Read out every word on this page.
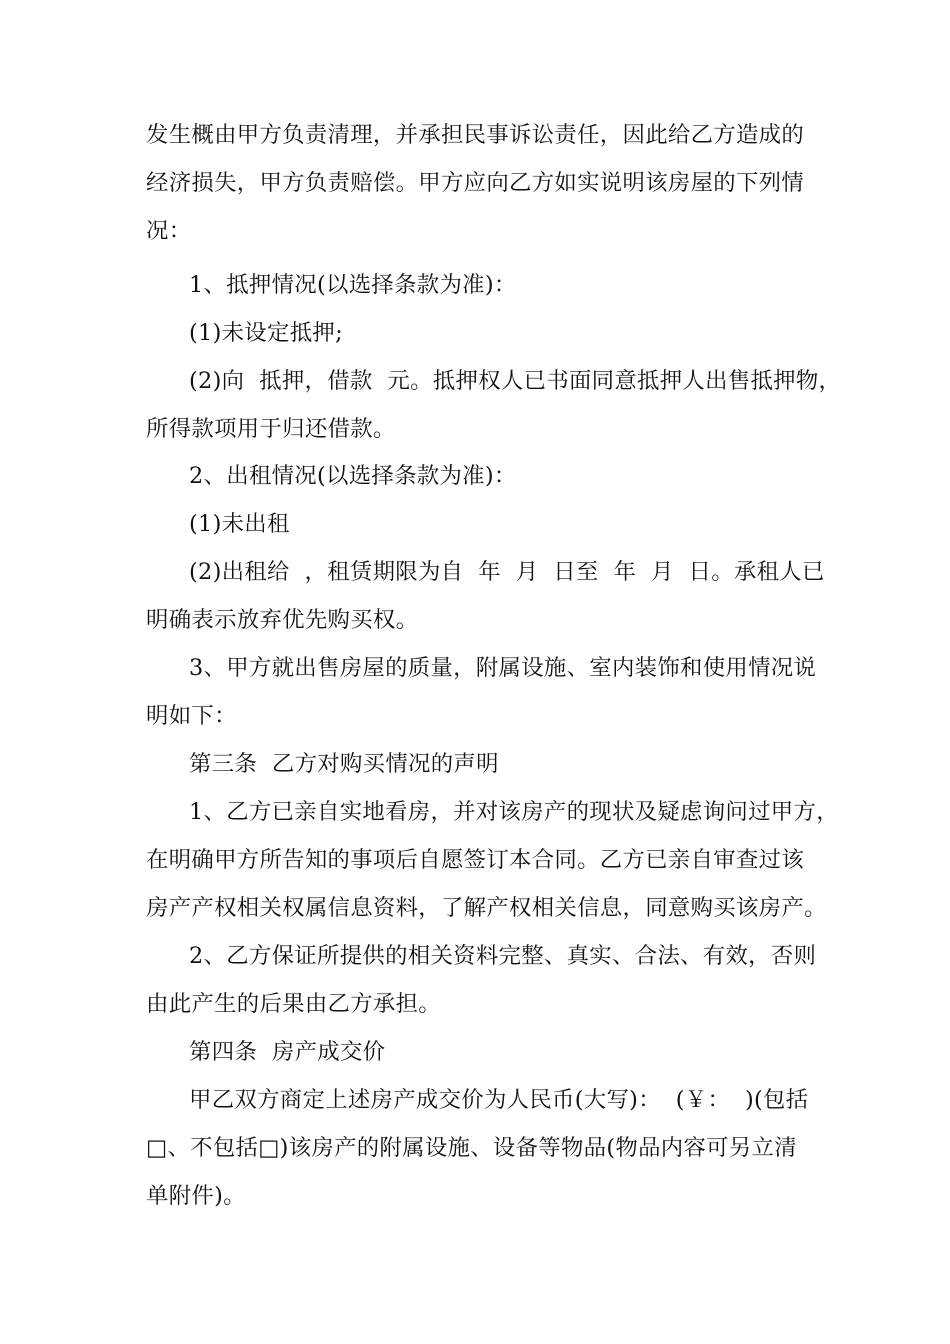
发生概由甲方负责清理，并承担民事诉讼责任，因此给乙方造成的
经济损失，甲方负责赔偿。甲方应向乙方如实说明该房屋的下列情
况：
1、抵押情况(以选择条款为准)：
(1)未设定抵押;
(2)向  抵押，借款  元。抵押权人已书面同意抵押人出售抵押物，
所得款项用于归还借款。
2、出租情况(以选择条款为准)：
(1)未出租
(2)出租给  ，租赁期限为自  年  月  日至  年  月  日。承租人已
明确表示放弃优先购买权。
3、甲方就出售房屋的质量，附属设施、室内装饰和使用情况说
明如下：
第三条  乙方对购买情况的声明
1、乙方已亲自实地看房，并对该房产的现状及疑虑询问过甲方，
在明确甲方所告知的事项后自愿签订本合同。乙方已亲自审查过该
房产产权相关权属信息资料，了解产权相关信息，同意购买该房产。
2、乙方保证所提供的相关资料完整、真实、合法、有效，否则
由此产生的后果由乙方承担。
第四条  房产成交价
甲乙双方商定上述房产成交价为人民币(大写)：  (￥：  )(包括
□、不包括□)该房产的附属设施、设备等物品(物品内容可另立清
单附件)。
